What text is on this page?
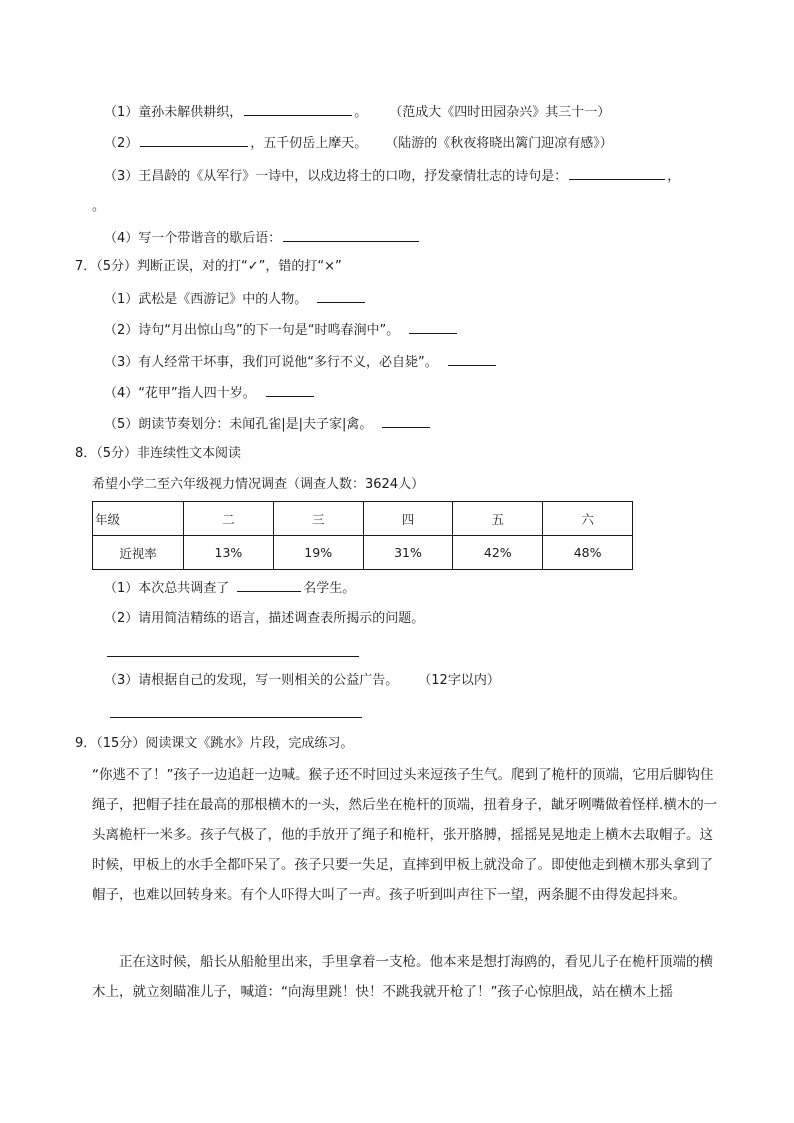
（1）童孙未解供耕织，	。 （范成大《四时田园杂兴》其三十一）
（2）	，五千仞岳上摩天。 （陆游的《秋夜将晓出篱门迎凉有感》）
（3）王昌龄的《从军行》一诗中，以戍边将士的口吻，抒发豪情壮志的诗句是：	，
。
（4）写一个带谐音的歇后语：
7．（5分）判断正误，对的打“✓”，错的打“×”
（1）武松是《西游记》中的人物。
（2）诗句“月出惊山鸟”的下一句是“时鸣春涧中”。
（3）有人经常干坏事，我们可说他“多行不义，必自毙”。
（4）“花甲”指人四十岁。
（5）朗读节奏划分：未闻孔雀|是|夫子家|禽。
8．（5分）非连续性文本阅读
希望小学二至六年级视力情况调查（调查人数：3624人）
年级	二	三	四	五	六
近视率	13%	19%	31%	42%	48%
（1）本次总共调查了	名学生。
（2）请用简洁精练的语言，描述调查表所揭示的问题。
（3）请根据自己的发现，写一则相关的公益广告。 （12字以内）
9．（15分）阅读课文《跳水》片段，完成练习。
“你逃不了！”孩子一边追赶一边喊。猴子还不时回过头来逗孩子生气。爬到了桅杆的顶端，它用后脚钩住绳子，把帽子挂在最高的那根横木的一头，然后坐在桅杆的顶端，扭着身子，龇牙咧嘴做着怪样.横木的一头离桅杆一米多。孩子气极了，他的手放开了绳子和桅杆，张开胳膊，摇摇晃晃地走上横木去取帽子。这时候，甲板上的水手全都吓呆了。孩子只要一失足，直摔到甲板上就没命了。即使他走到横木那头拿到了帽子，也难以回转身来。有个人吓得大叫了一声。孩子听到叫声往下一望，两条腿不由得发起抖来。
正在这时候，船长从船舱里出来，手里拿着一支枪。他本来是想打海鸥的，看见儿子在桅杆顶端的横木上，就立刻瞄准儿子，喊道：“向海里跳！快！不跳我就开枪了！”孩子心惊胆战，站在横木上摇
